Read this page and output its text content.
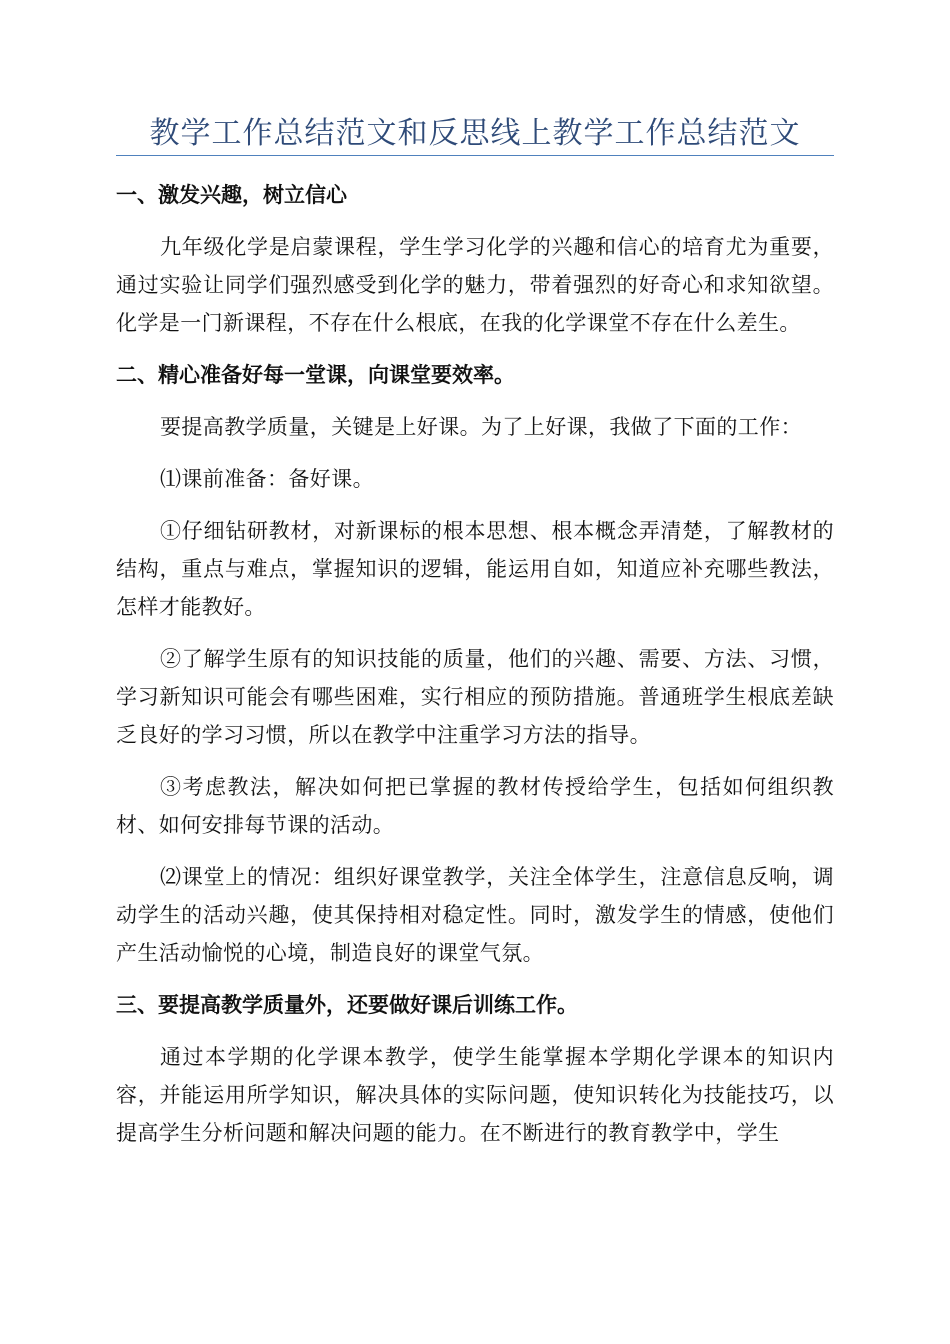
教学工作总结范文和反思线上教学工作总结范文

一、激发兴趣，树立信心

九年级化学是启蒙课程，学生学习化学的兴趣和信心的培育尤为重要，通过实验让同学们强烈感受到化学的魅力，带着强烈的好奇心和求知欲望。化学是一门新课程，不存在什么根底，在我的化学课堂不存在什么差生。

二、精心准备好每一堂课，向课堂要效率。

要提高教学质量，关键是上好课。为了上好课，我做了下面的工作：

⑴课前准备：备好课。

①仔细钻研教材，对新课标的根本思想、根本概念弄清楚，了解教材的结构，重点与难点，掌握知识的逻辑，能运用自如，知道应补充哪些教法，怎样才能教好。

②了解学生原有的知识技能的质量，他们的兴趣、需要、方法、习惯，学习新知识可能会有哪些困难，实行相应的预防措施。普通班学生根底差缺乏良好的学习习惯，所以在教学中注重学习方法的指导。

③考虑教法，解决如何把已掌握的教材传授给学生，包括如何组织教材、如何安排每节课的活动。

⑵课堂上的情况：组织好课堂教学，关注全体学生，注意信息反响，调动学生的活动兴趣，使其保持相对稳定性。同时，激发学生的情感，使他们产生活动愉悦的心境，制造良好的课堂气氛。

三、要提高教学质量外，还要做好课后训练工作。

通过本学期的化学课本教学，使学生能掌握本学期化学课本的知识内容，并能运用所学知识，解决具体的实际问题，使知识转化为技能技巧，以提高学生分析问题和解决问题的能力。在不断进行的教育教学中，学生
